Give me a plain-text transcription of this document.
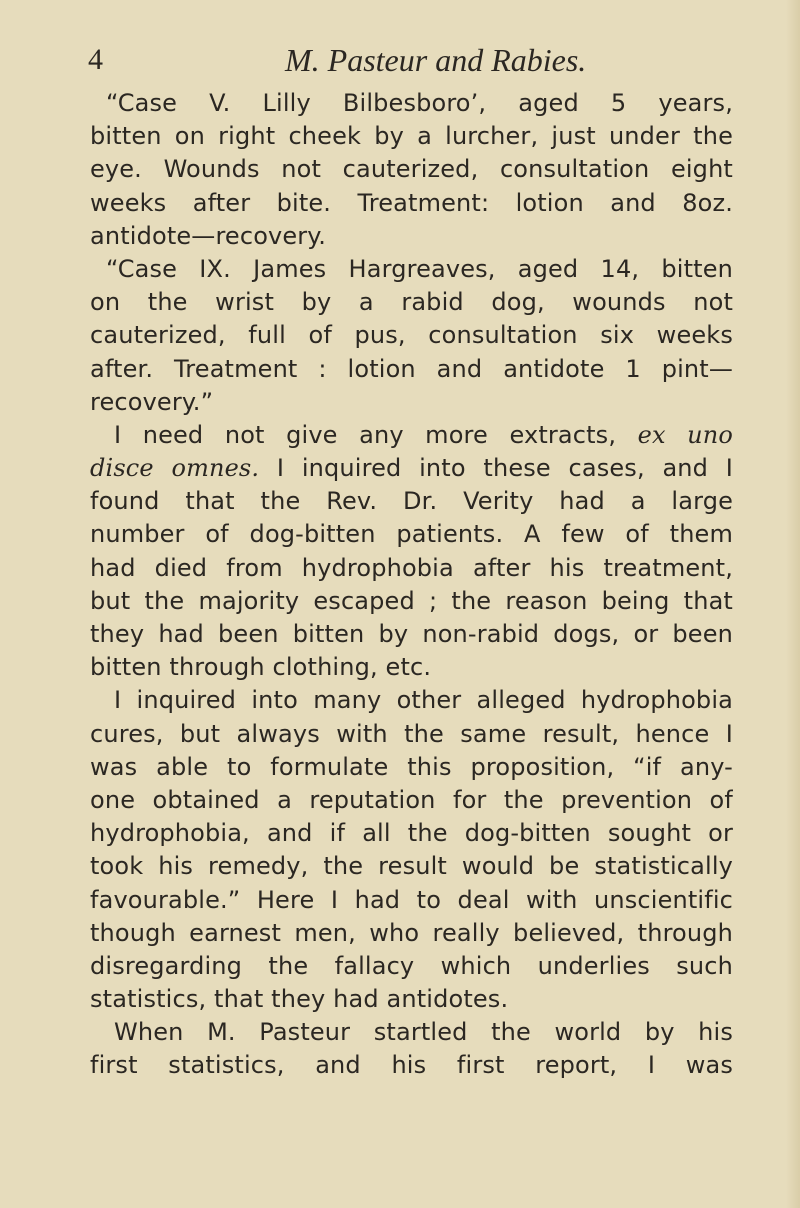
4	M. Pasteur and Rabies.
“Case V. Lilly Bilbesboro’, aged 5 years,
bitten on right cheek by a lurcher, just under the
eye. Wounds not cauterized, consultation eight
weeks after bite. Treatment: lotion and 8oz.
antidote—recovery.
“Case IX. James Hargreaves, aged 14, bitten
on the wrist by a rabid dog, wounds not
cauterized, full of pus, consultation six weeks
after. Treatment : lotion and antidote 1 pint—
recovery.”
I need not give any more extracts, ex uno
disce omnes. I inquired into these cases, and I
found that the Rev. Dr. Verity had a large
number of dog-bitten patients. A few of them
had died from hydrophobia after his treatment,
but the majority escaped ; the reason being that
they had been bitten by non-rabid dogs, or been
bitten through clothing, etc.
I inquired into many other alleged hydrophobia
cures, but always with the same result, hence I
was able to formulate this proposition, “if any-
one obtained a reputation for the prevention of
hydrophobia, and if all the dog-bitten sought or
took his remedy, the result would be statistically
favourable.” Here I had to deal with unscientific
though earnest men, who really believed, through
disregarding the fallacy which underlies such
statistics, that they had antidotes.
When M. Pasteur startled the world by his
first statistics, and his first report, I was
